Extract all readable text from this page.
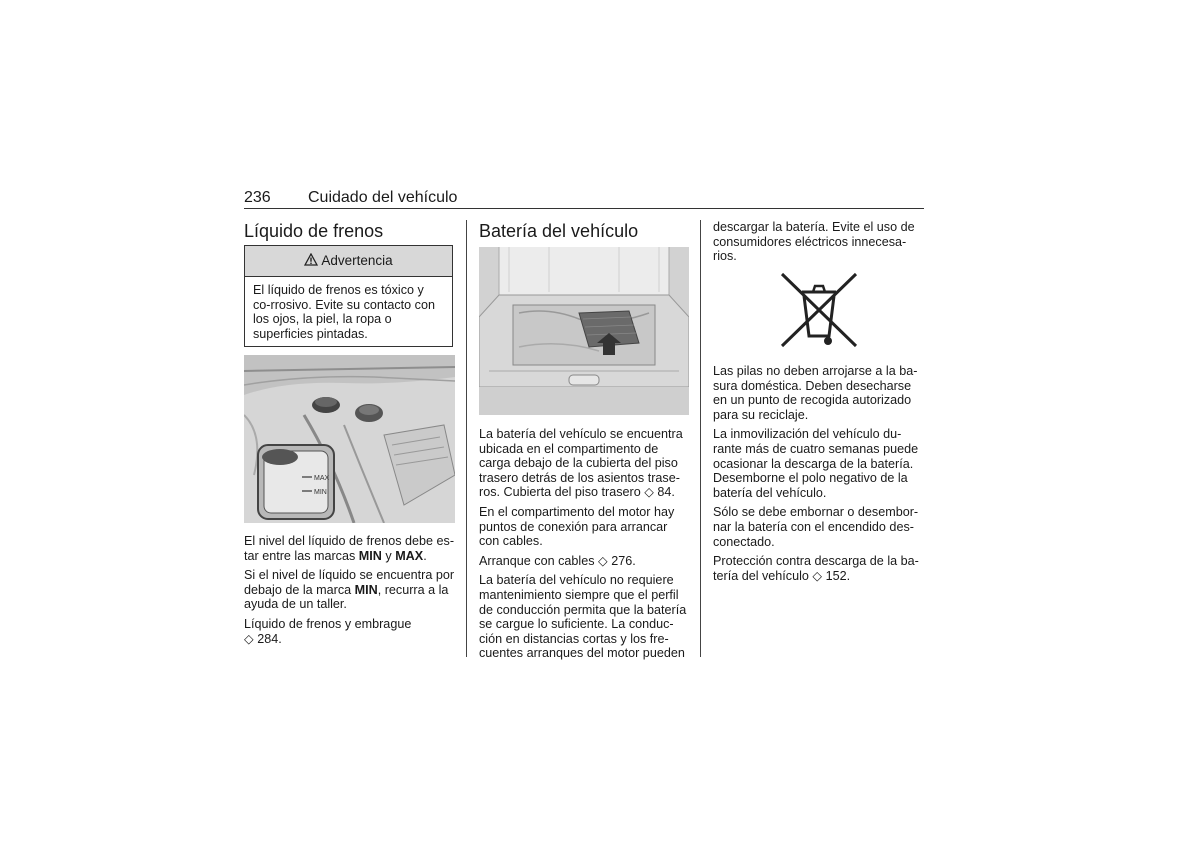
236 Cuidado del vehículo
Líquido de frenos
Advertencia
El líquido de frenos es tóxico y co-rrosivo. Evite su contacto con los ojos, la piel, la ropa o superficies pintadas.
MAX
MIN

El nivel del líquido de frenos debe es-tar entre las marcas MIN y MAX.

Si el nivel de líquido se encuentra por debajo de la marca MIN, recurra a la ayuda de un taller.

Líquido de frenos y embrague
◇ 284.

Batería del vehículo

La batería del vehículo se encuentra ubicada en el compartimento de carga debajo de la cubierta del piso trasero detrás de los asientos trase-ros. Cubierta del piso trasero ◇ 84.

En el compartimento del motor hay puntos de conexión para arrancar con cables.

Arranque con cables ◇ 276.

La batería del vehículo no requiere mantenimiento siempre que el perfil de conducción permita que la batería se cargue lo suficiente. La conduc-ción en distancias cortas y los fre-cuentes arranques del motor pueden

descargar la batería. Evite el uso de consumidores eléctricos innecesa-rios.

Las pilas no deben arrojarse a la ba-sura doméstica. Deben desecharse en un punto de recogida autorizado para su reciclaje.

La inmovilización del vehículo du-rante más de cuatro semanas puede ocasionar la descarga de la batería. Desemborne el polo negativo de la batería del vehículo.

Sólo se debe embornar o desembor-nar la batería con el encendido des-conectado.

Protección contra descarga de la ba-tería del vehículo ◇ 152.
